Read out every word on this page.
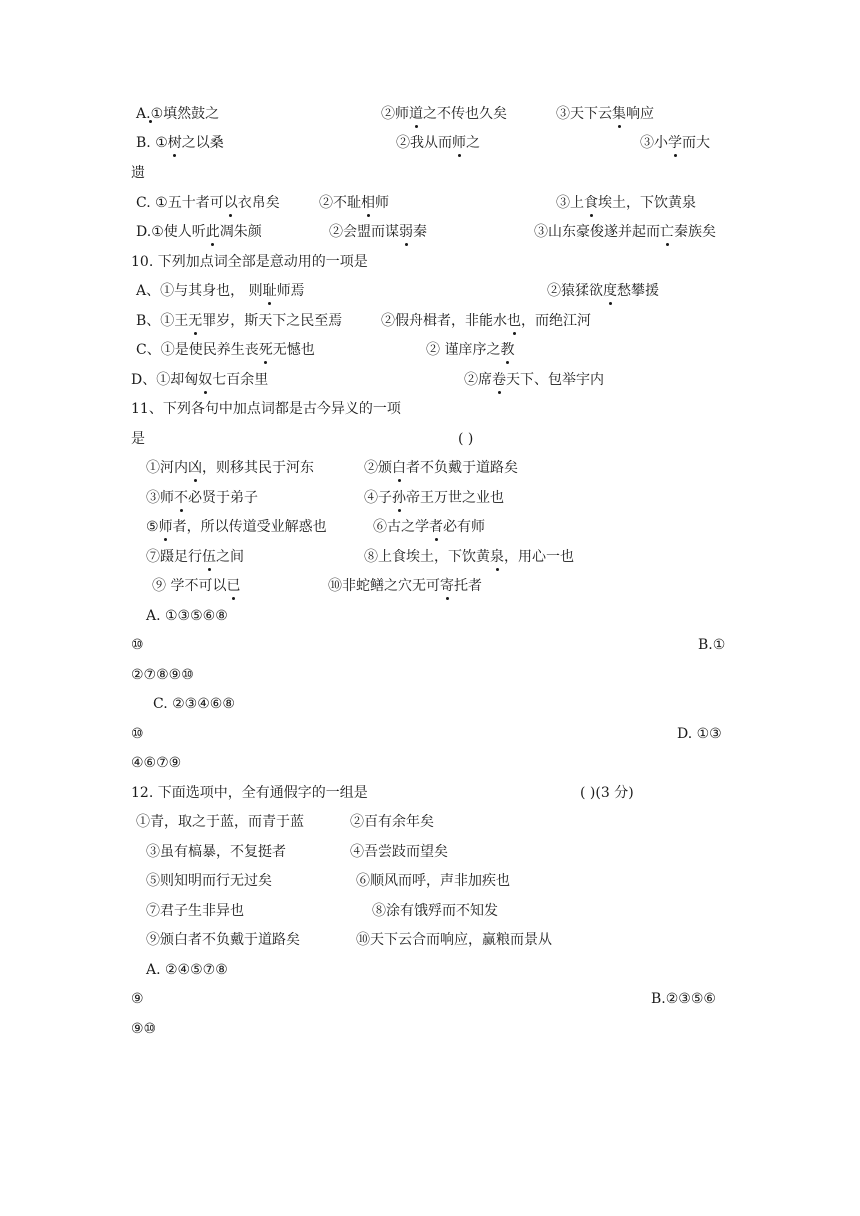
A.①填然鼓之	②师道之不传也久矣	③天下云集响应
B. ①树之以桑	②我从而师之	③小学而大
遗
C. ①五十者可以衣帛矣	②不耻相师	③上食埃土，下饮黄泉
D.①使人听此凋朱颜	②会盟而谋弱秦	③山东豪俊遂并起而亡秦族矣
10. 下列加点词全部是意动用的一项是
A、①与其身也， 则耻师焉	②猿猱欲度愁攀援
B、①王无罪岁，斯天下之民至焉	②假舟楫者，非能水也，而绝江河
C、①是使民养生丧死无憾也	② 谨庠序之教
D、①却匈奴七百余里	②席卷天下、包举宇内
11、下列各句中加点词都是古今异义的一项
是	( )
①河内凶，则移其民于河东	②颁白者不负戴于道路矣
③师不必贤于弟子	④子孙帝王万世之业也
⑤师者，所以传道受业解惑也	⑥古之学者必有师
⑦蹑足行伍之间	⑧上食埃土，下饮黄泉，用心一也
⑨ 学不可以已	⑩非蛇鳝之穴无可寄托者
A. ①③⑤⑥⑧
⑩	B.①
②⑦⑧⑨⑩
C. ②③④⑥⑧
⑩	D. ①③
④⑥⑦⑨
12. 下面选项中，全有通假字的一组是	( )(3 分)
①青，取之于蓝，而青于蓝	②百有余年矣
③虽有槁暴，不复挺者	④吾尝跂而望矣
⑤则知明而行无过矣	⑥顺风而呼，声非加疾也
⑦君子生非异也	⑧涂有饿殍而不知发
⑨颁白者不负戴于道路矣	⑩天下云合而响应，赢粮而景从
A. ②④⑤⑦⑧
⑨	B.②③⑤⑥
⑨⑩
